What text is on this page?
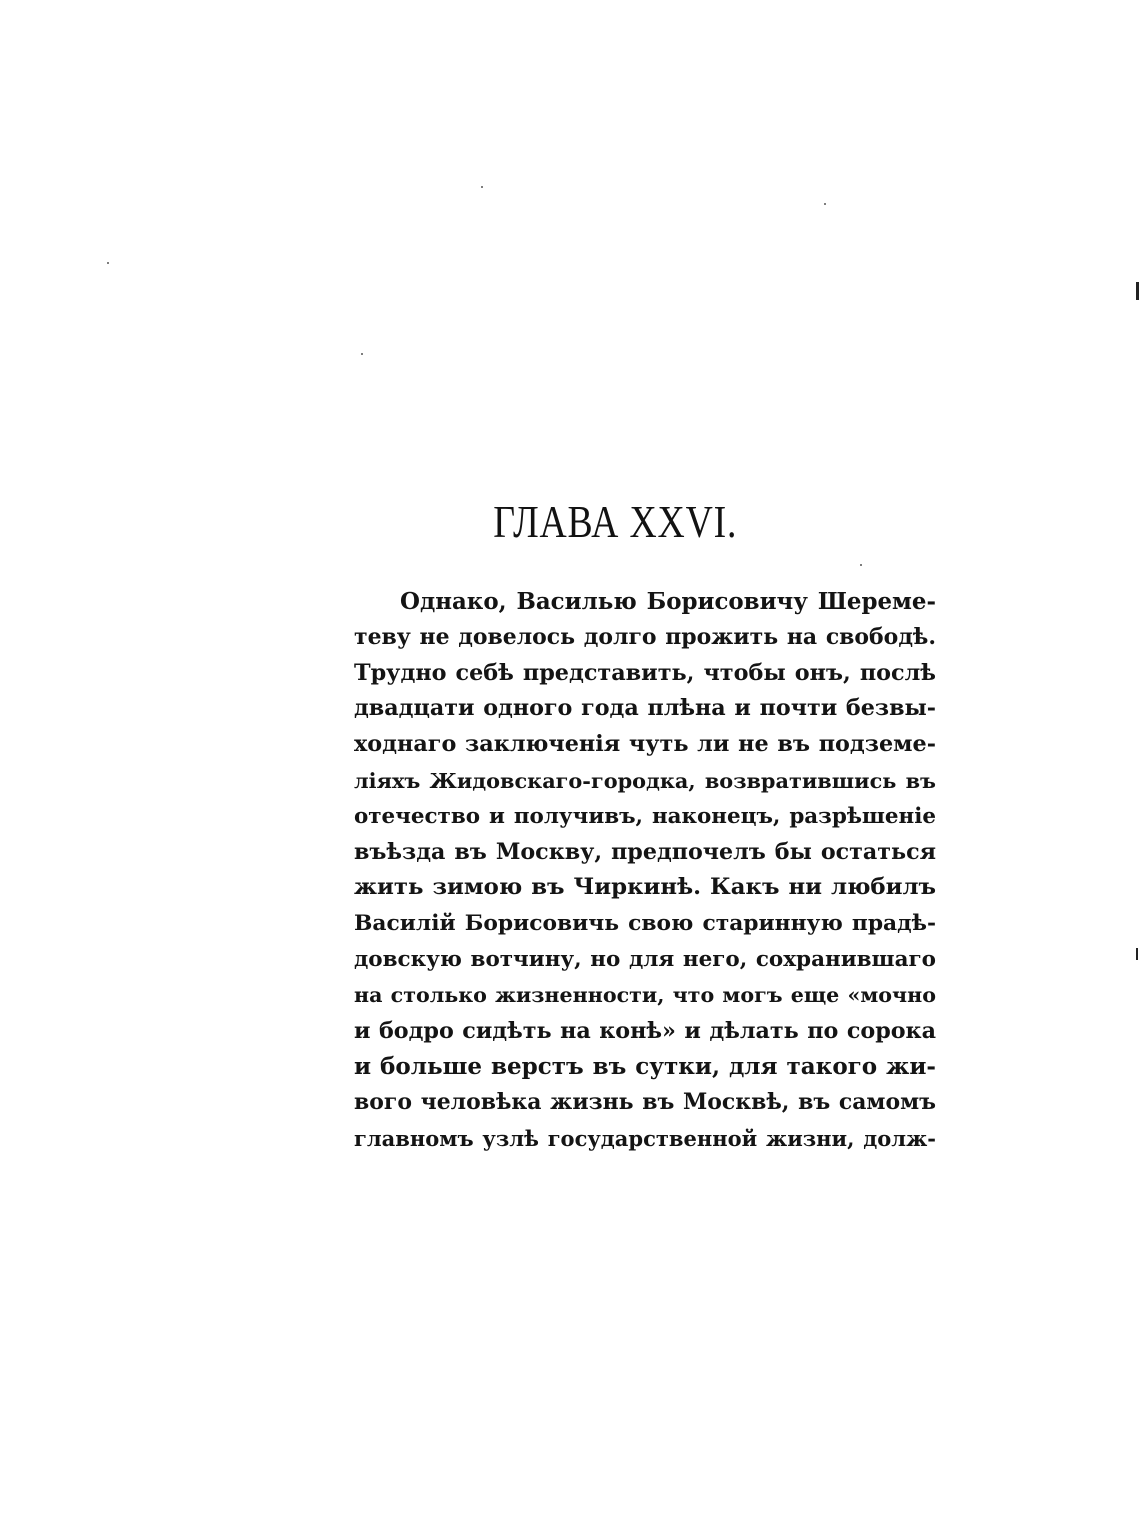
ГЛАВА XXVI.
Однако, Василью Борисовичу Шереме-
теву не довелось долго прожить на свободѣ.
Трудно себѣ представить, чтобы онъ, послѣ
двадцати одного года плѣна и почти безвы-
ходнаго заключенія чуть ли не въ подземе-
ліяхъ Жидовскаго-городка, возвратившись въ
отечество и получивъ, наконецъ, разрѣшеніе
въѣзда въ Москву, предпочелъ бы остаться
жить зимою въ Чиркинѣ. Какъ ни любилъ
Василій Борисовичь свою старинную прадѣ-
довскую вотчину, но для него, сохранившаго
на столько жизненности, что могъ еще «мочно
и бодро сидѣть на конѣ» и дѣлать по сорока
и больше верстъ въ сутки, для такого жи-
вого человѣка жизнь въ Москвѣ, въ самомъ
главномъ узлѣ государственной жизни, долж-
